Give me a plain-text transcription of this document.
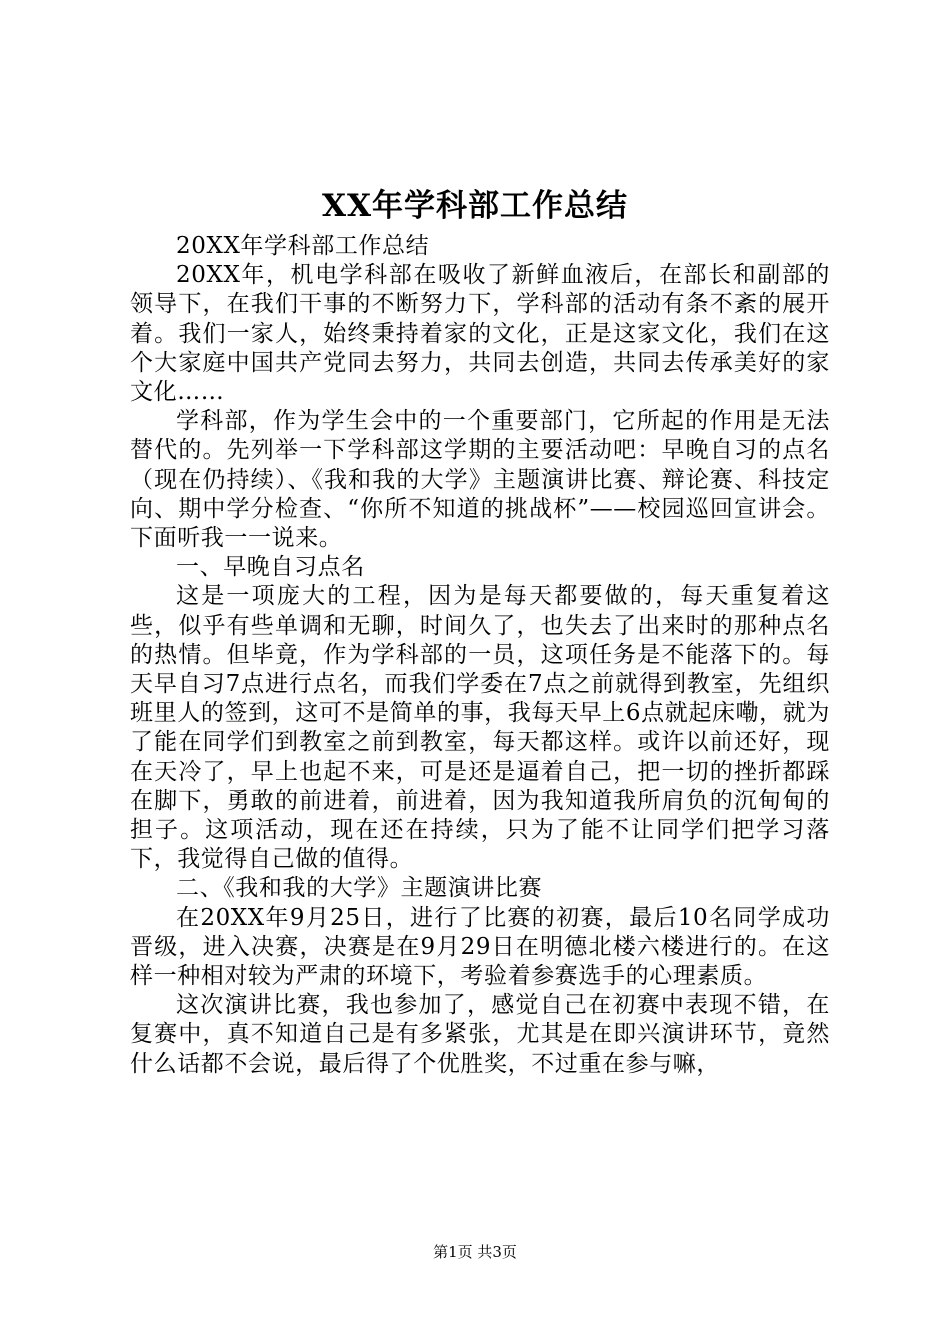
XX年学科部工作总结

20XX年学科部工作总结

20XX年，机电学科部在吸收了新鲜血液后，在部长和副部的领导下，在我们干事的不断努力下，学科部的活动有条不紊的展开着。我们一家人，始终秉持着家的文化，正是这家文化，我们在这个大家庭中国共产党同去努力，共同去创造，共同去传承美好的家文化……

学科部，作为学生会中的一个重要部门，它所起的作用是无法替代的。先列举一下学科部这学期的主要活动吧：早晚自习的点名（现在仍持续）、《我和我的大学》主题演讲比赛、辩论赛、科技定向、期中学分检查、“你所不知道的挑战杯”——校园巡回宣讲会。下面听我一一说来。

一、早晚自习点名

这是一项庞大的工程，因为是每天都要做的，每天重复着这些，似乎有些单调和无聊，时间久了，也失去了出来时的那种点名的热情。但毕竟，作为学科部的一员，这项任务是不能落下的。每天早自习7点进行点名，而我们学委在7点之前就得到教室，先组织班里人的签到，这可不是简单的事，我每天早上6点就起床嘞，就为了能在同学们到教室之前到教室，每天都这样。或许以前还好，现在天冷了，早上也起不来，可是还是逼着自己，把一切的挫折都踩在脚下，勇敢的前进着，前进着，因为我知道我所肩负的沉甸甸的担子。这项活动，现在还在持续，只为了能不让同学们把学习落下，我觉得自己做的值得。

二、《我和我的大学》主题演讲比赛

在20XX年9月25日，进行了比赛的初赛，最后10名同学成功晋级，进入决赛，决赛是在9月29日在明德北楼六楼进行的。在这样一种相对较为严肃的环境下，考验着参赛选手的心理素质。

这次演讲比赛，我也参加了，感觉自己在初赛中表现不错，在复赛中，真不知道自己是有多紧张，尤其是在即兴演讲环节，竟然什么话都不会说，最后得了个优胜奖，不过重在参与嘛，

第1页 共3页
